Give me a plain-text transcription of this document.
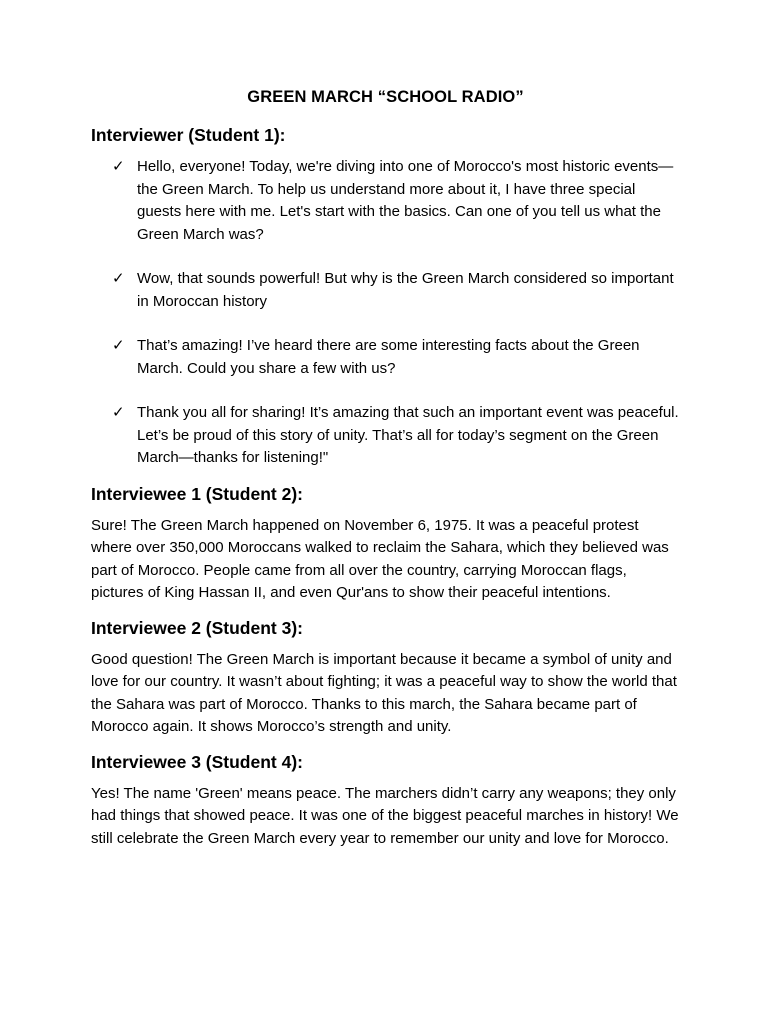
GREEN MARCH “SCHOOL RADIO”
Interviewer (Student 1):
✓ Hello, everyone! Today, we're diving into one of Morocco's most historic events—the Green March. To help us understand more about it, I have three special guests here with me. Let's start with the basics. Can one of you tell us what the Green March was?
✓ Wow, that sounds powerful! But why is the Green March considered so important in Moroccan history
✓ That’s amazing! I’ve heard there are some interesting facts about the Green March. Could you share a few with us?
✓ Thank you all for sharing! It’s amazing that such an important event was peaceful. Let’s be proud of this story of unity. That’s all for today’s segment on the Green March—thanks for listening!"
Interviewee 1 (Student 2):

Sure! The Green March happened on November 6, 1975. It was a peaceful protest where over 350,000 Moroccans walked to reclaim the Sahara, which they believed was part of Morocco. People came from all over the country, carrying Moroccan flags, pictures of King Hassan II, and even Qur'ans to show their peaceful intentions.

Interviewee 2 (Student 3):

Good question! The Green March is important because it became a symbol of unity and love for our country. It wasn’t about fighting; it was a peaceful way to show the world that the Sahara was part of Morocco. Thanks to this march, the Sahara became part of Morocco again. It shows Morocco’s strength and unity.

Interviewee 3 (Student 4):

Yes! The name 'Green' means peace. The marchers didn’t carry any weapons; they only had things that showed peace. It was one of the biggest peaceful marches in history! We still celebrate the Green March every year to remember our unity and love for Morocco.
